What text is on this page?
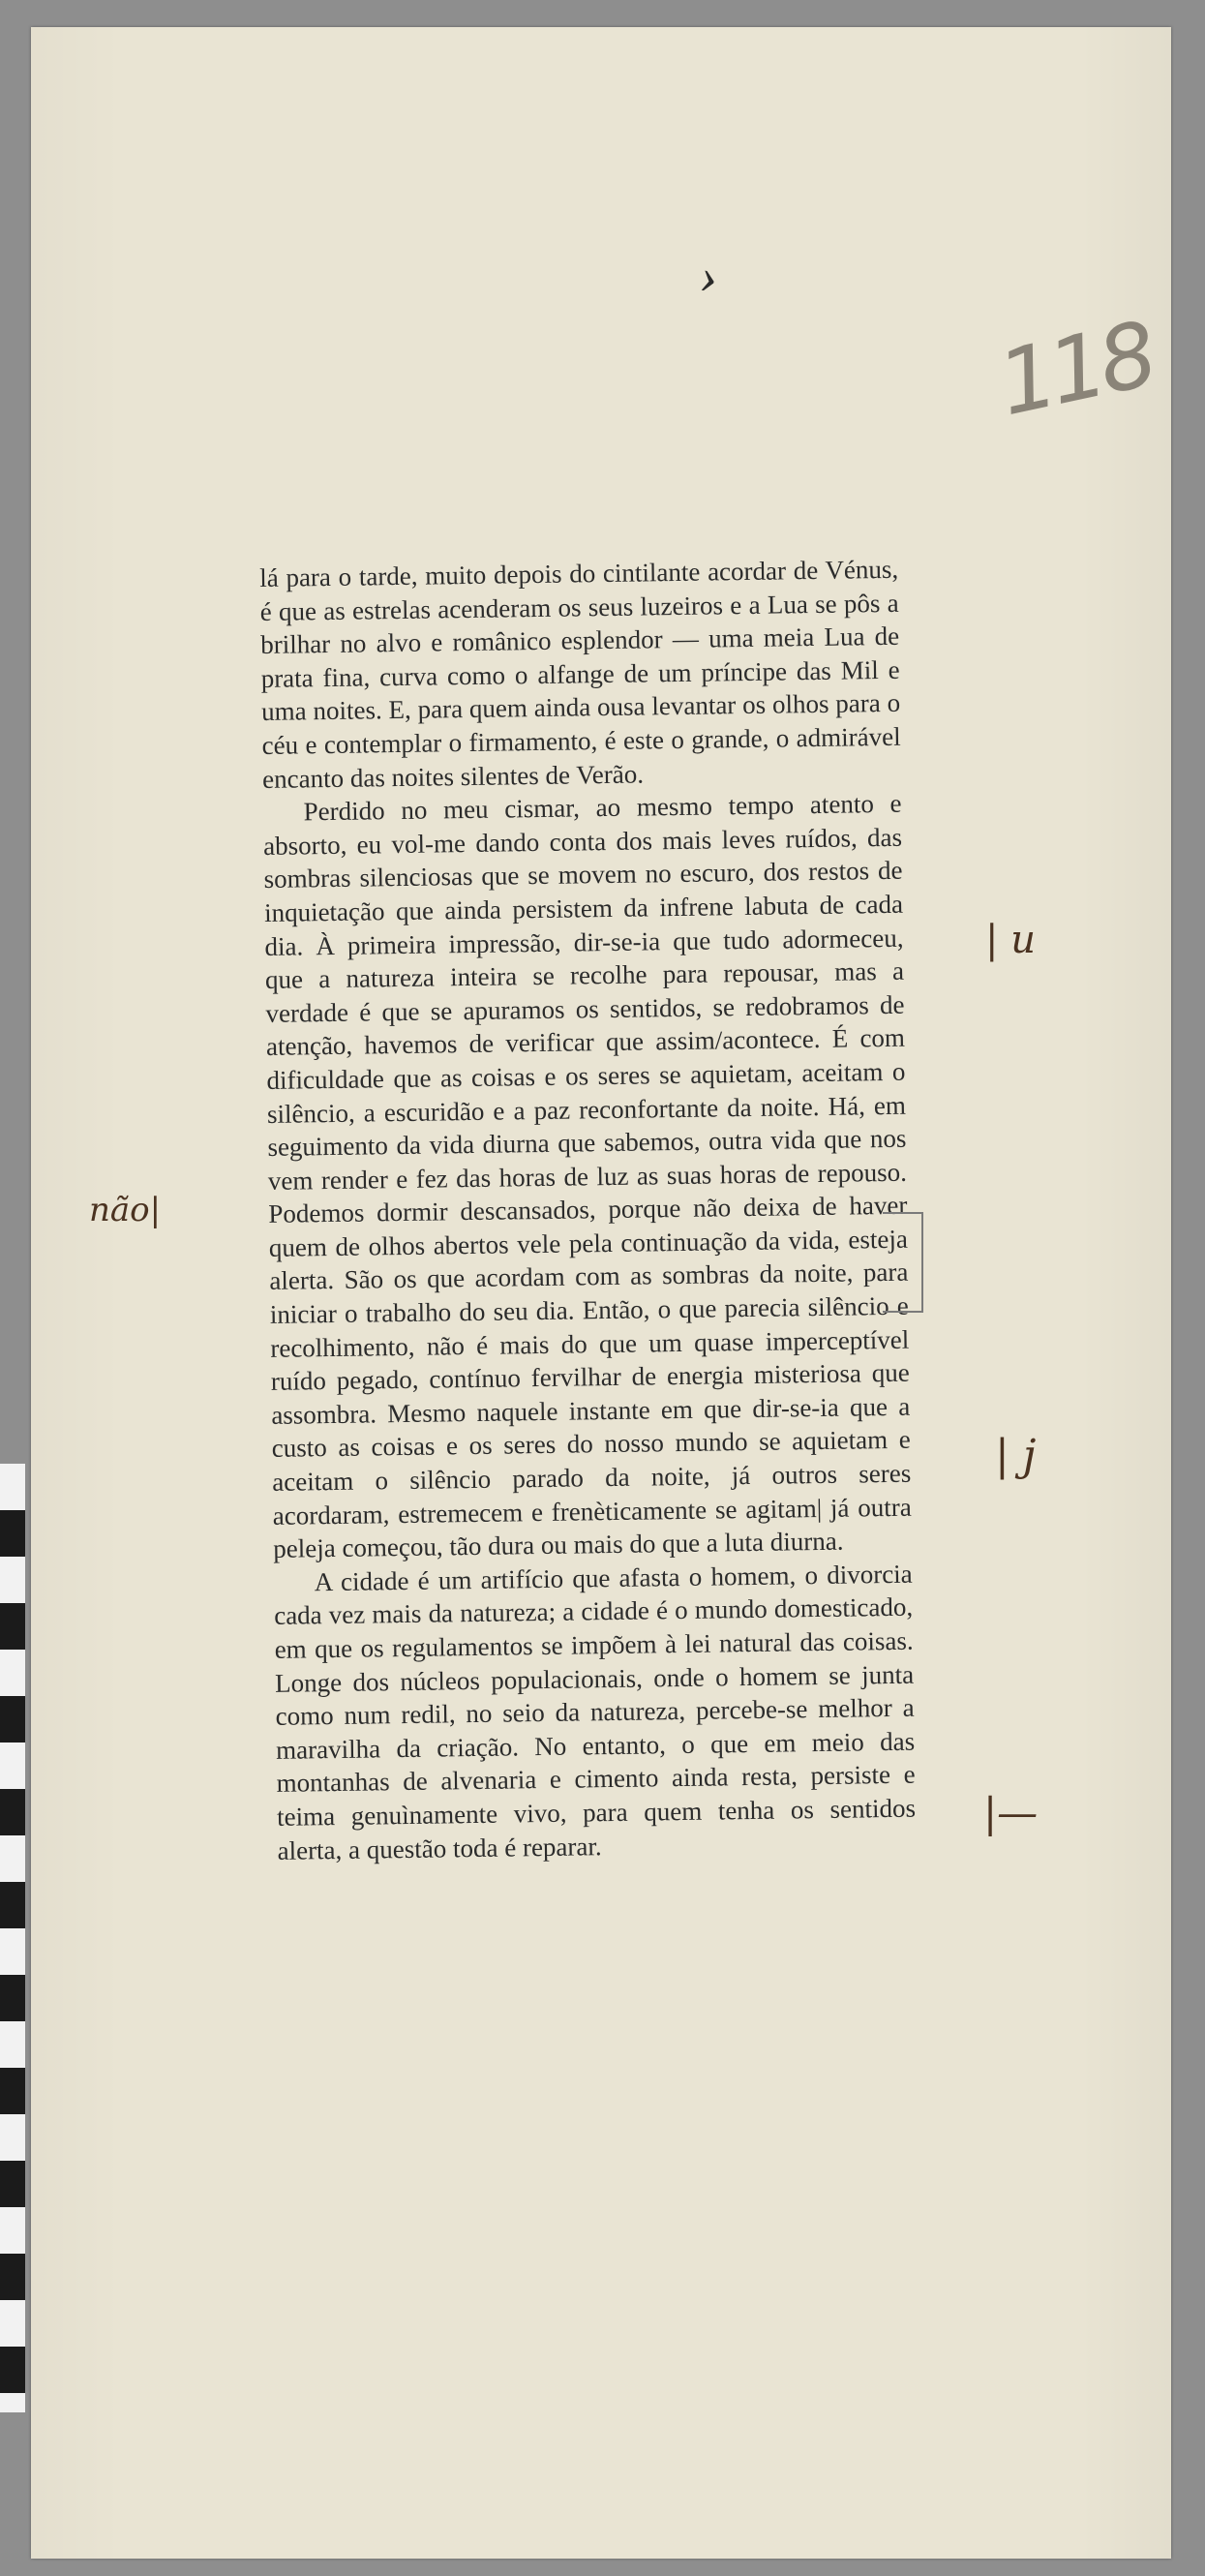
›
118

lá para o tarde, muito depois do cintilante acordar de Vénus, é que as estrelas acenderam os seus luzeiros e a Lua se pôs a brilhar no alvo e românico esplendor — uma meia Lua de prata fina, curva como o alfange de um príncipe das Mil e uma noites. E, para quem ainda ousa levantar os olhos para o céu e contemplar o firmamento, é este o grande, o admirável encanto das noites silentes de Verão.

Perdido no meu cismar, ao mesmo tempo atento e absorto, eu vol-me dando conta dos mais leves ruídos, das sombras silenciosas que se movem no escuro, dos restos de inquietação que ainda persistem da infrene labuta de cada dia. À primeira impressão, dir-se-ia que tudo adormeceu, que a natureza inteira se recolhe para repousar, mas a verdade é que se apuramos os sentidos, se redobramos de atenção, havemos de verificar que assim/acontece. É com dificuldade que as coisas e os seres se aquietam, aceitam o silêncio, a escuridão e a paz reconfortante da noite. Há, em seguimento da vida diurna que sabemos, outra vida que nos vem render e fez das horas de luz as suas horas de repouso. Podemos dormir descansados, porque não deixa de haver quem de olhos abertos vele pela continuação da vida, esteja alerta. São os que acordam com as sombras da noite, para iniciar o trabalho do seu dia. Então, o que parecia silêncio e recolhimento, não é mais do que um quase imperceptível ruído pegado, contínuo fervilhar de energia misteriosa que assombra. Mesmo naquele instante em que dir-se-ia que a custo as coisas e os seres do nosso mundo se aquietam e aceitam o silêncio parado da noite, já outros seres acordaram, estremecem e frenèticamente se agitam| já outra peleja começou, tão dura ou mais do que a luta diurna.

A cidade é um artifício que afasta o homem, o divorcia cada vez mais da natureza; a cidade é o mundo domesticado, em que os regulamentos se impõem à lei natural das coisas. Longe dos núcleos populacionais, onde o homem se junta como num redil, no seio da natureza, percebe-se melhor a maravilha da criação. No entanto, o que em meio das montanhas de alvenaria e cimento ainda resta, persiste e teima genuìnamente vivo, para quem tenha os sentidos alerta, a questão toda é reparar.

| u
não|
| j
|—
